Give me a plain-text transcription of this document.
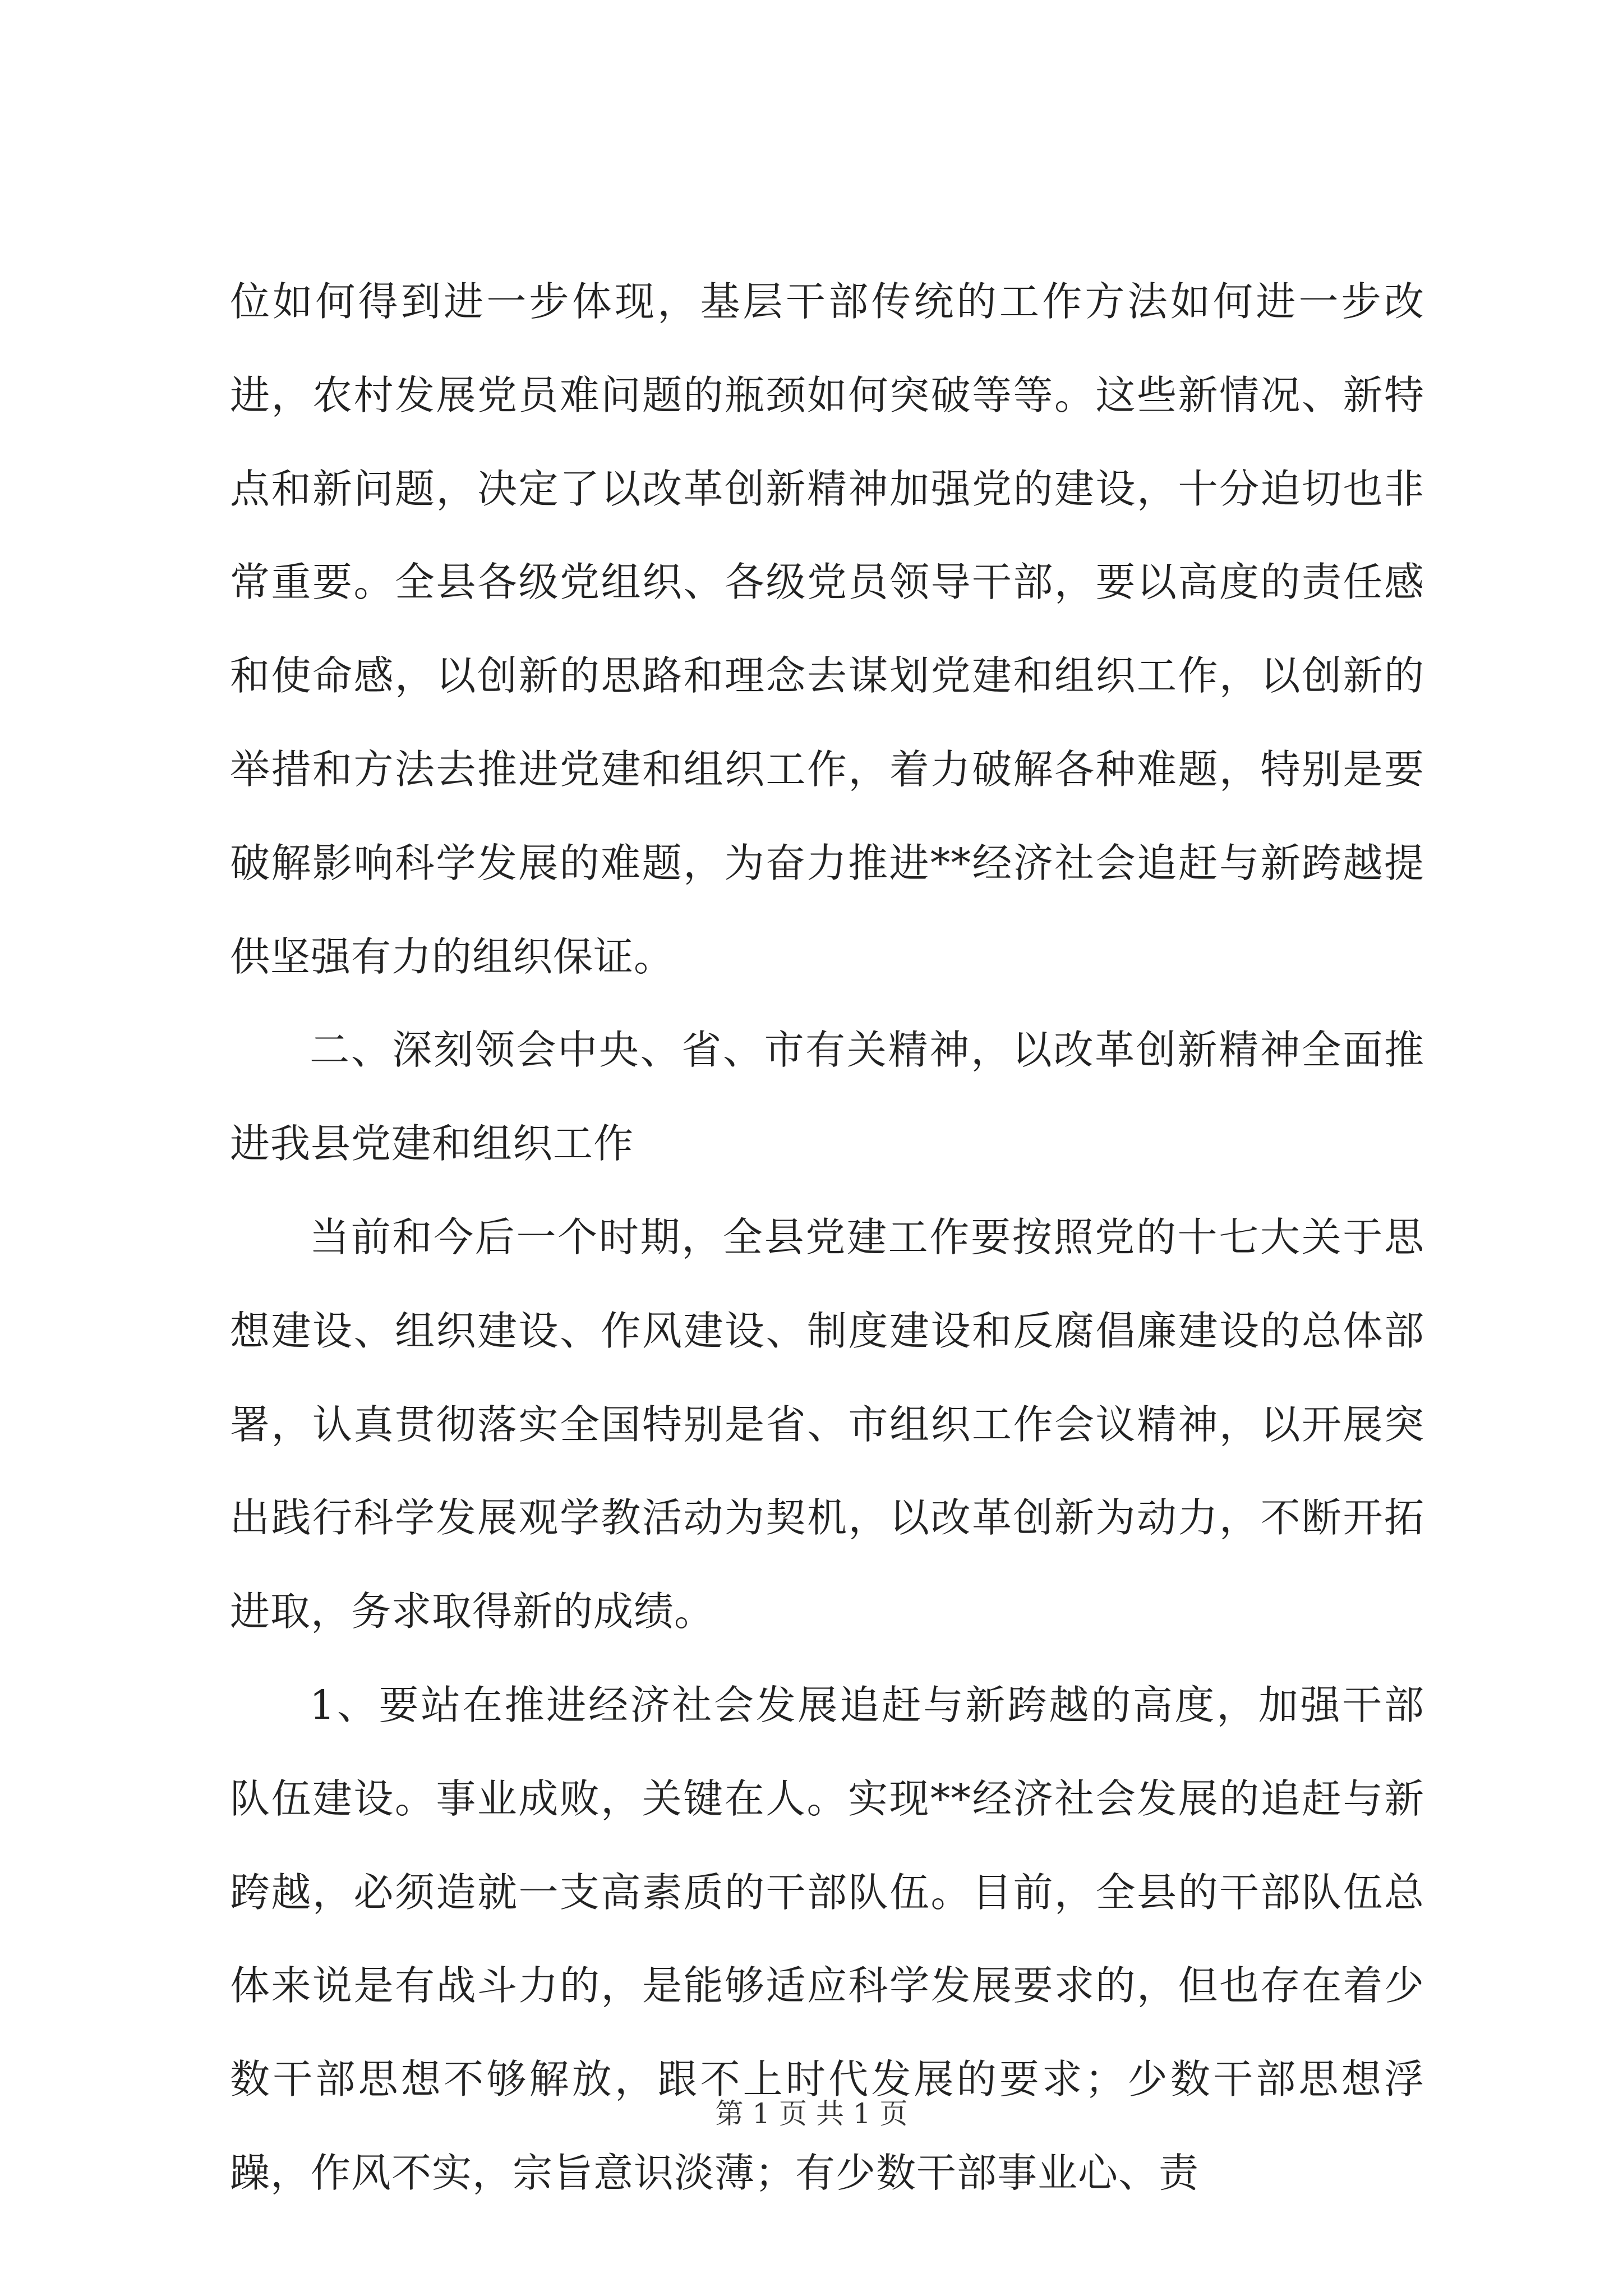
位如何得到进一步体现，基层干部传统的工作方法如何进一步改进，农村发展党员难问题的瓶颈如何突破等等。这些新情况、新特点和新问题，决定了以改革创新精神加强党的建设，十分迫切也非常重要。全县各级党组织、各级党员领导干部，要以高度的责任感和使命感，以创新的思路和理念去谋划党建和组织工作，以创新的举措和方法去推进党建和组织工作，着力破解各种难题，特别是要破解影响科学发展的难题，为奋力推进**经济社会追赶与新跨越提供坚强有力的组织保证。

二、深刻领会中央、省、市有关精神，以改革创新精神全面推进我县党建和组织工作

当前和今后一个时期，全县党建工作要按照党的十七大关于思想建设、组织建设、作风建设、制度建设和反腐倡廉建设的总体部署，认真贯彻落实全国特别是省、市组织工作会议精神，以开展突出践行科学发展观学教活动为契机，以改革创新为动力，不断开拓进取，务求取得新的成绩。

1、要站在推进经济社会发展追赶与新跨越的高度，加强干部队伍建设。事业成败，关键在人。实现**经济社会发展的追赶与新跨越，必须造就一支高素质的干部队伍。目前，全县的干部队伍总体来说是有战斗力的，是能够适应科学发展要求的，但也存在着少数干部思想不够解放，跟不上时代发展的要求；少数干部思想浮躁，作风不实，宗旨意识淡薄；有少数干部事业心、责

第 1 页 共 1 页
